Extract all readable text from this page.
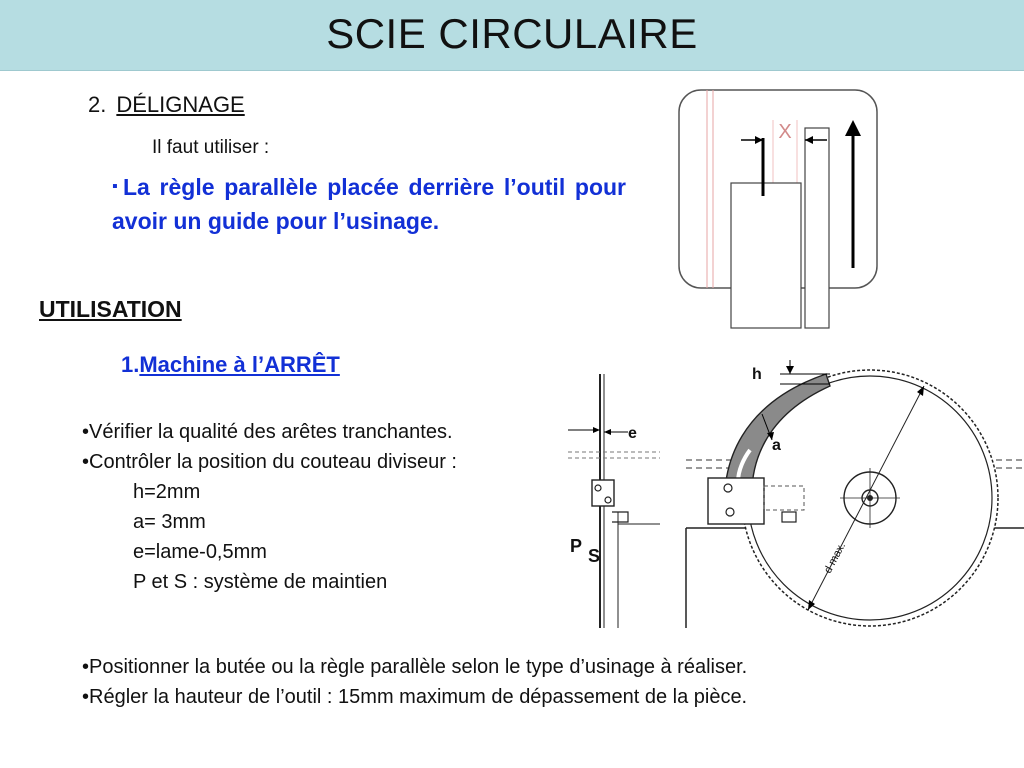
SCIE CIRCULAIRE
2. DÉLIGNAGE
Il faut utiliser :
▪La règle parallèle placée derrière l’outil pour avoir un guide pour l’usinage.
UTILISATION
1.Machine à l’ARRÊT
•Vérifier la qualité des arêtes tranchantes.
•Contrôler la position du couteau diviseur :
h=2mm
a= 3mm
e=lame-0,5mm
P et S : système de maintien
•Positionner la butée ou la règle parallèle selon le type d’usinage à réaliser.
•Régler la hauteur de l’outil : 15mm maximum de dépassement de la pièce.
X
e
P S	d max.
h
a
